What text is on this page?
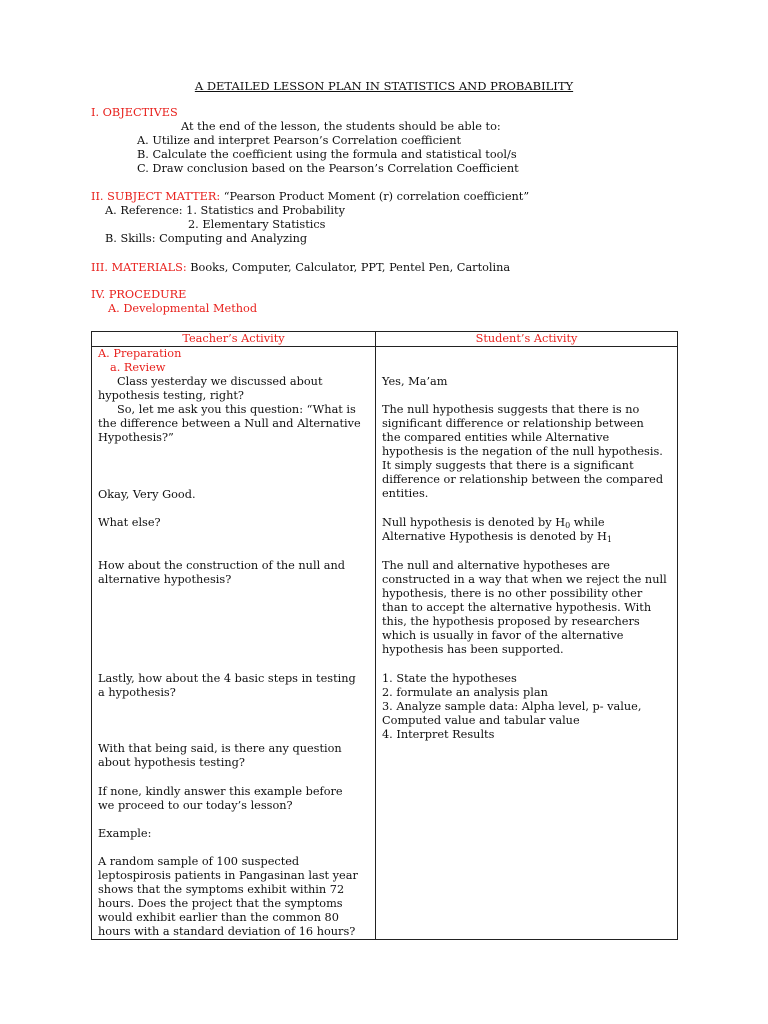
A DETAILED LESSON PLAN IN STATISTICS AND PROBABILITY
I. OBJECTIVES
At the end of the lesson, the students should be able to:
A. Utilize and interpret Pearson’s Correlation coefficient
B. Calculate the coefficient using the formula and statistical tool/s
C. Draw conclusion based on the Pearson’s Correlation Coefficient
II. SUBJECT MATTER: “Pearson Product Moment (r) correlation coefficient”
A. Reference: 1. Statistics and Probability
2. Elementary Statistics
B. Skills: Computing and Analyzing
III. MATERIALS: Books, Computer, Calculator, PPT, Pentel Pen, Cartolina
IV. PROCEDURE
A. Developmental Method
Teacher’s Activity	Student’s Activity
A. Preparation
a. Review
Class yesterday we discussed about
hypothesis testing, right?
So, let me ask you this question: “What is
the difference between a Null and Alternative
Hypothesis?”
Okay, Very Good.
What else?
How about the construction of the null and
alternative hypothesis?
Lastly, how about the 4 basic steps in testing
a hypothesis?
With that being said, is there any question
about hypothesis testing?
If none, kindly answer this example before
we proceed to our today’s lesson?
Example:
A random sample of 100 suspected
leptospirosis patients in Pangasinan last year
shows that the symptoms exhibit within 72
hours. Does the project that the symptoms
would exhibit earlier than the common 80
hours with a standard deviation of 16 hours?
Yes, Ma’am
The null hypothesis suggests that there is no
significant difference or relationship between
the compared entities while Alternative
hypothesis is the negation of the null hypothesis.
It simply suggests that there is a significant
difference or relationship between the compared
entities.
Null hypothesis is denoted by $H_0$ while
Alternative Hypothesis is denoted by $H_1$
The null and alternative hypotheses are
constructed in a way that when we reject the null
hypothesis, there is no other possibility other
than to accept the alternative hypothesis. With
this, the hypothesis proposed by researchers
which is usually in favor of the alternative
hypothesis has been supported.
1. State the hypotheses
2. formulate an analysis plan
3. Analyze sample data: Alpha level, p- value,
Computed value and tabular value
4. Interpret Results
